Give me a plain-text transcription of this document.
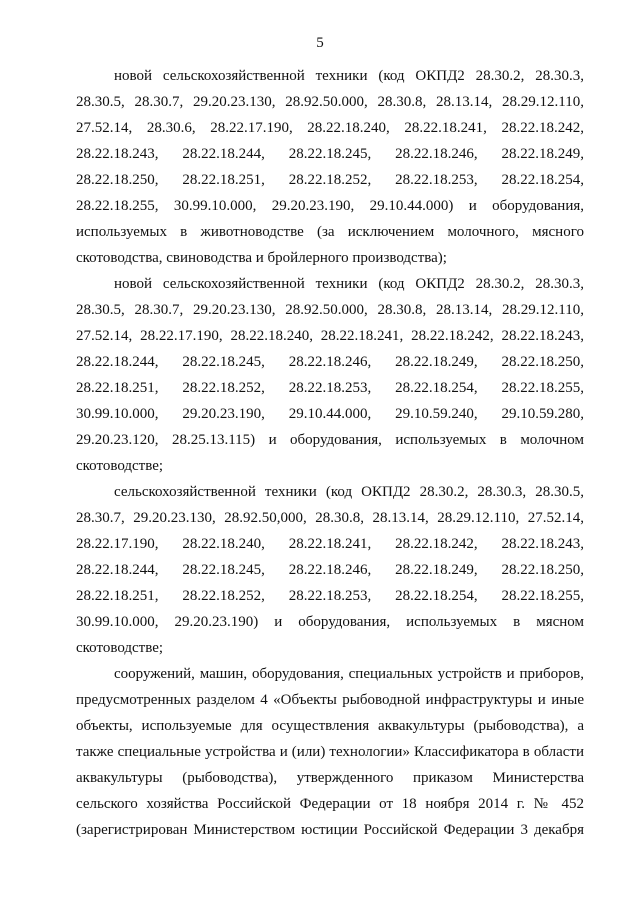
5
новой сельскохозяйственной техники (код ОКПД2 28.30.2, 28.30.3,
28.30.5, 28.30.7, 29.20.23.130, 28.92.50.000, 28.30.8, 28.13.14, 28.29.12.110,
27.52.14, 28.30.6, 28.22.17.190, 28.22.18.240, 28.22.18.241, 28.22.18.242,
28.22.18.243, 28.22.18.244, 28.22.18.245, 28.22.18.246, 28.22.18.249,
28.22.18.250, 28.22.18.251, 28.22.18.252, 28.22.18.253, 28.22.18.254,
28.22.18.255, 30.99.10.000, 29.20.23.190, 29.10.44.000) и оборудования,
используемых в животноводстве (за исключением молочного, мясного
скотоводства, свиноводства и бройлерного производства);
новой сельскохозяйственной техники (код ОКПД2 28.30.2, 28.30.3,
28.30.5, 28.30.7, 29.20.23.130, 28.92.50.000, 28.30.8, 28.13.14, 28.29.12.110,
27.52.14, 28.22.17.190, 28.22.18.240, 28.22.18.241, 28.22.18.242, 28.22.18.243,
28.22.18.244, 28.22.18.245, 28.22.18.246, 28.22.18.249, 28.22.18.250,
28.22.18.251, 28.22.18.252, 28.22.18.253, 28.22.18.254, 28.22.18.255,
30.99.10.000, 29.20.23.190, 29.10.44.000, 29.10.59.240, 29.10.59.280,
29.20.23.120, 28.25.13.115) и оборудования, используемых в молочном
скотоводстве;
сельскохозяйственной техники (код ОКПД2 28.30.2, 28.30.3, 28.30.5,
28.30.7, 29.20.23.130, 28.92.50,000, 28.30.8, 28.13.14, 28.29.12.110, 27.52.14,
28.22.17.190, 28.22.18.240, 28.22.18.241, 28.22.18.242, 28.22.18.243,
28.22.18.244, 28.22.18.245, 28.22.18.246, 28.22.18.249, 28.22.18.250,
28.22.18.251, 28.22.18.252, 28.22.18.253, 28.22.18.254, 28.22.18.255,
30.99.10.000, 29.20.23.190) и оборудования, используемых в мясном
скотоводстве;
сооружений, машин, оборудования, специальных устройств и приборов,
предусмотренных разделом 4 «Объекты рыбоводной инфраструктуры и иные
объекты, используемые для осуществления аквакультуры (рыбоводства), а
также специальные устройства и (или) технологии» Классификатора в области
аквакультуры (рыбоводства), утвержденного приказом Министерства
сельского хозяйства Российской Федерации от 18 ноября 2014 г. № 452
(зарегистрирован Министерством юстиции Российской Федерации 3 декабря
